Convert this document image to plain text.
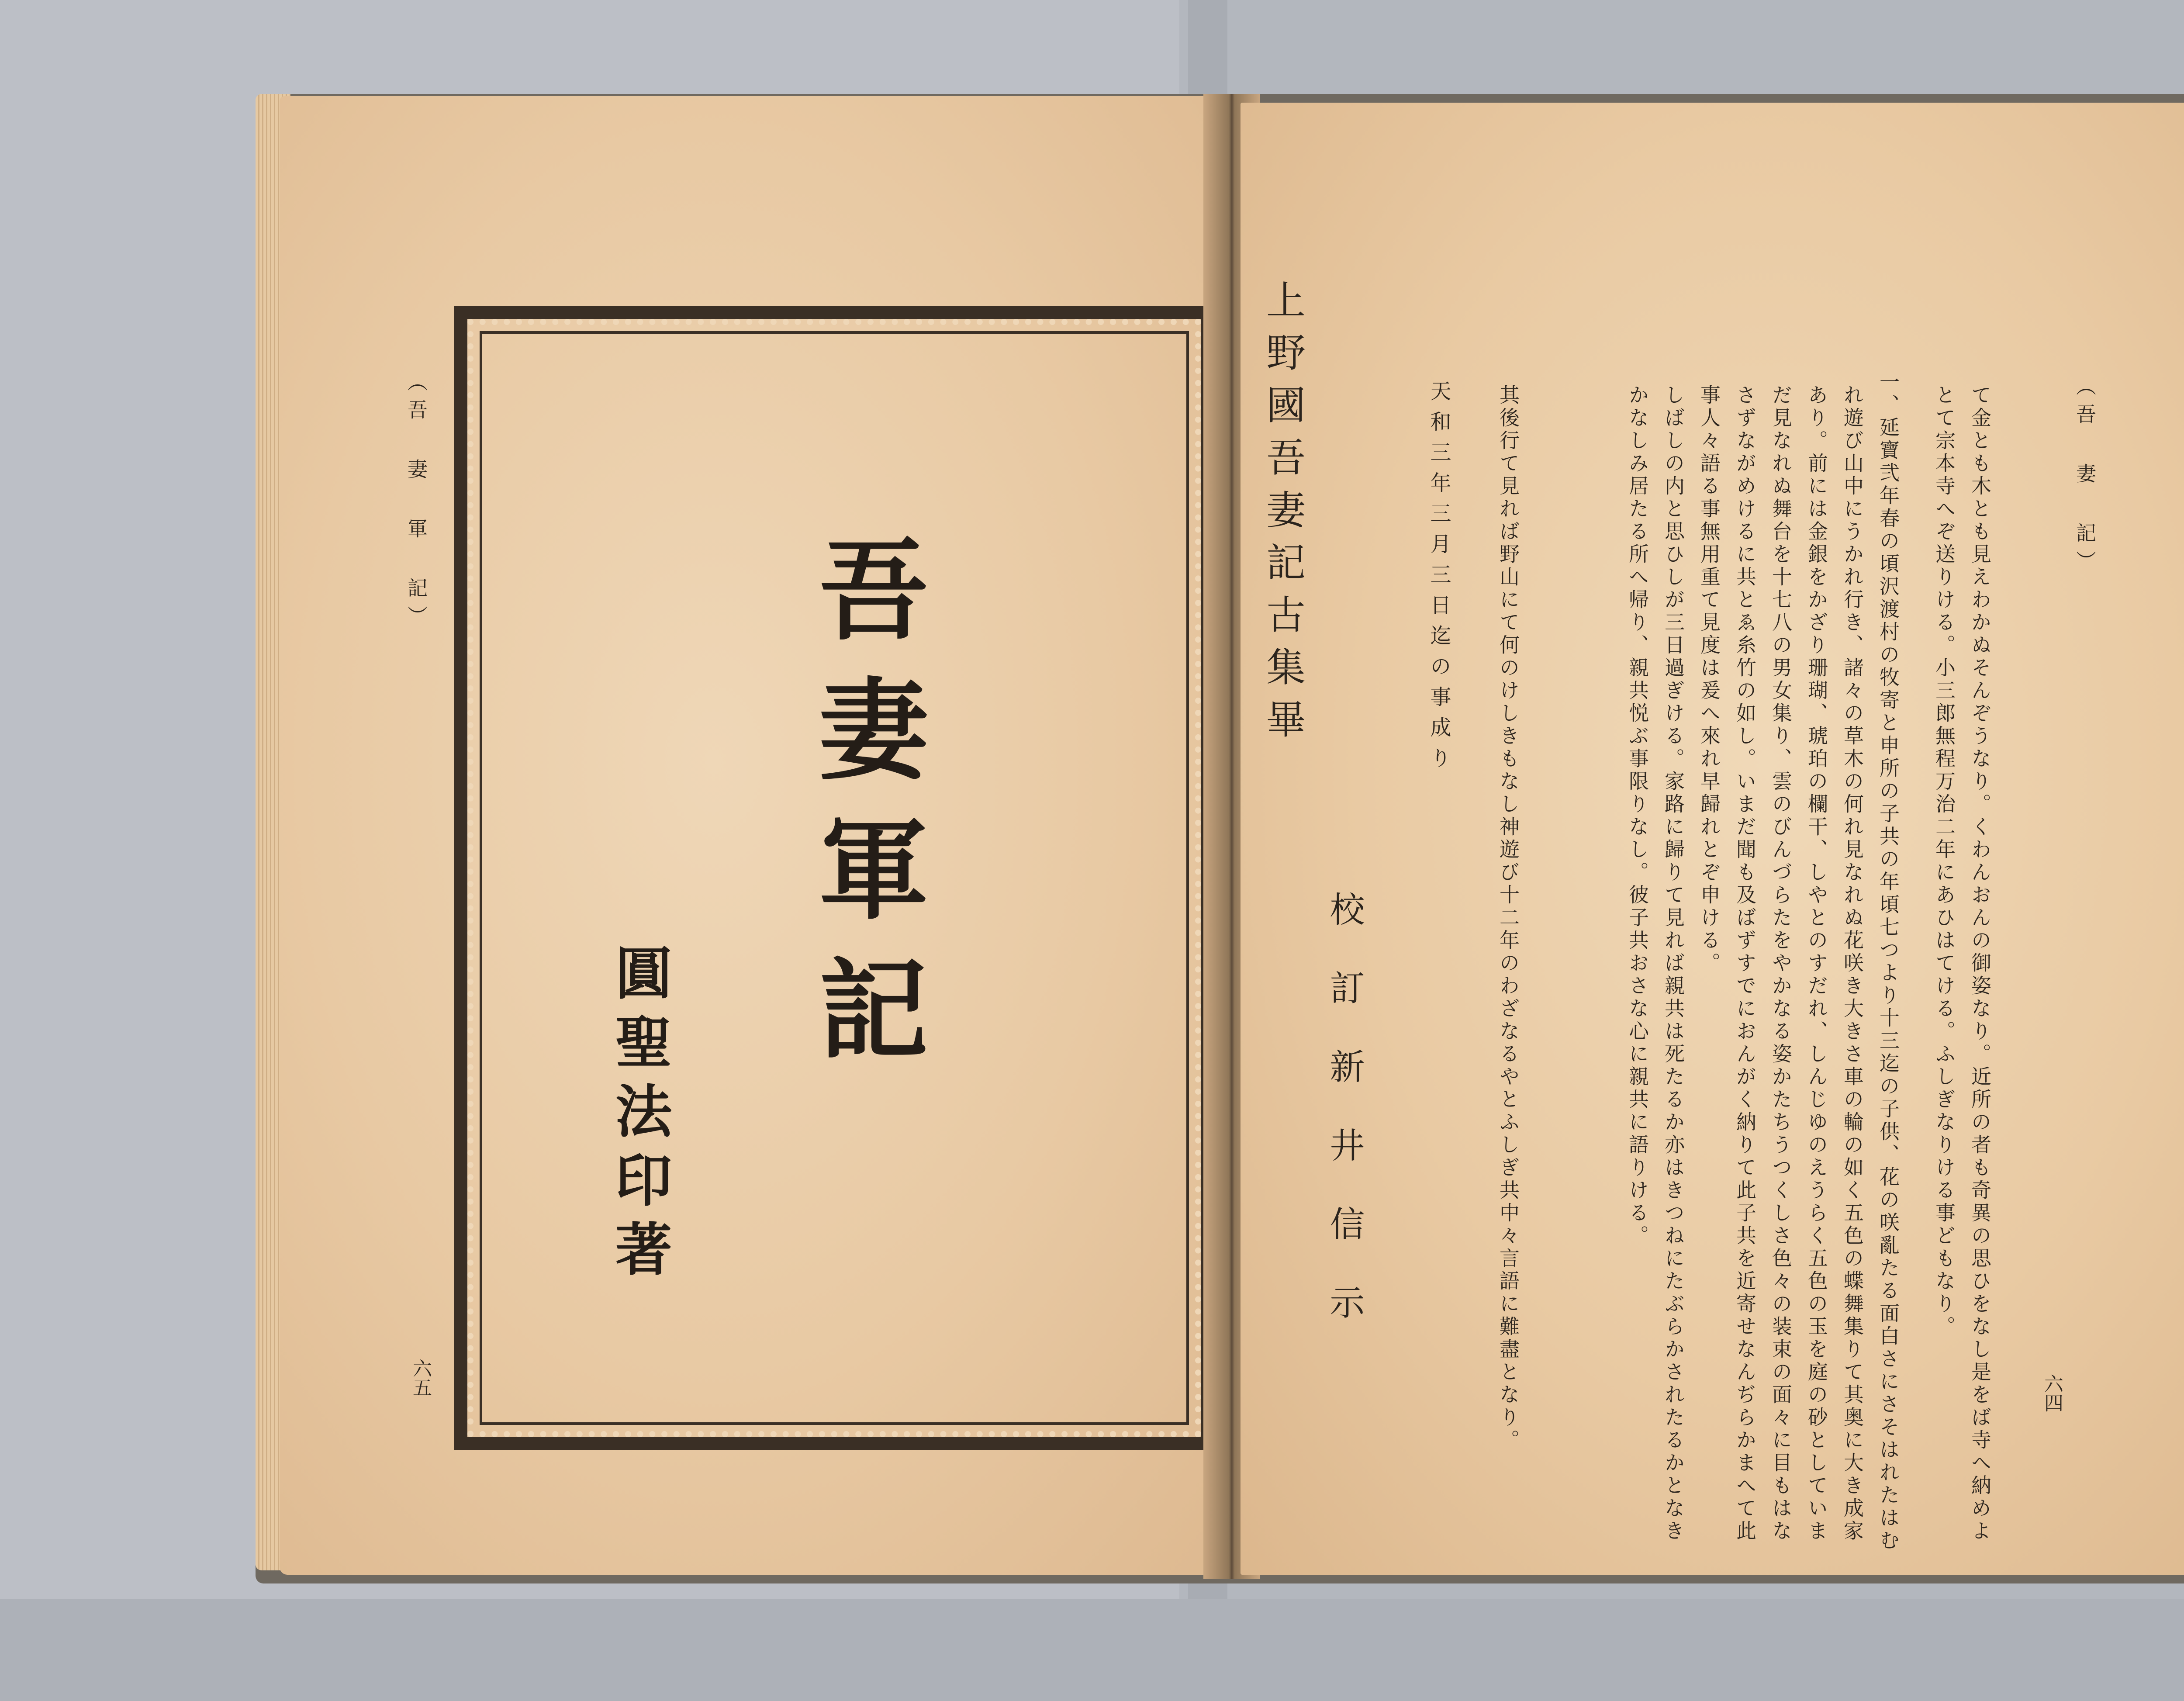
（吾 妻 軍 記）

六五

吾妻軍記

圓聖法印著

（吾 妻 記）

六四

て金とも木とも見えわかぬそんぞうなり。くわんおんの御姿なり。近所の者も奇異の思ひをなし是をば寺へ納めよ

とて宗本寺へぞ送りける。小三郎無程万治二年にあひはてける。ふしぎなりける事どもなり。

一、延寶弐年春の頃沢渡村の牧寄と申所の子共の年頃七つより十三迄の子供、花の咲亂たる面白さにさそはれたはむ

れ遊び山中にうかれ行き、諸々の草木の何れ見なれぬ花咲き大きさ車の輪の如く五色の蝶舞集りて其奥に大き成家

あり。前には金銀をかざり珊瑚、琥珀の欄干、しやとのすだれ、しんじゆのえうらく五色の玉を庭の砂としていま

だ見なれぬ舞台を十七八の男女集り、雲のびんづらたをやかなる姿かたちうつくしさ色々の装束の面々に目もはな

さずながめけるに共とゑ糸竹の如し。いまだ聞も及ばずすでにおんがく納りて此子共を近寄せなんぢらかまへて此

事人々語る事無用重て見度は爰へ來れ早歸れとぞ申ける。

しばしの内と思ひしが三日過ぎける。家路に歸りて見れば親共は死たるか亦はきつねにたぶらかされたるかとなき

かなしみ居たる所へ帰り、親共悦ぶ事限りなし。彼子共おさな心に親共に語りける。

其後行て見れば野山にて何のけしきもなし神遊び十二年のわざなるやとふしぎ共中々言語に難盡となり。

天和三年三月三日迄の事成り

上野國吾妻記古集畢

校訂新井信示
